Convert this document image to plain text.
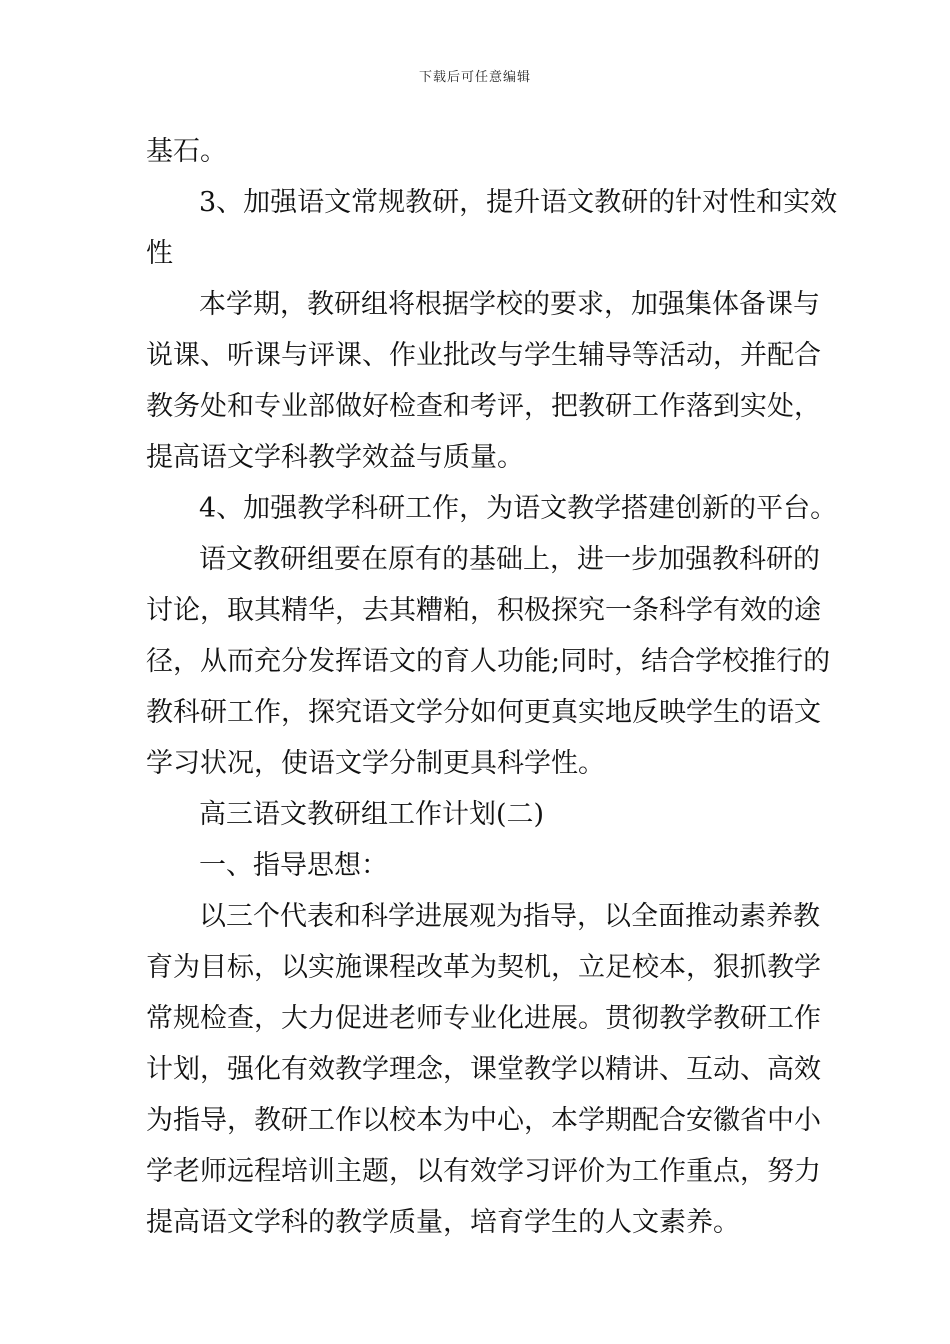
下载后可任意编辑
基石。
3、加强语文常规教研，提升语文教研的针对性和实效
性
本学期，教研组将根据学校的要求，加强集体备课与
说课、听课与评课、作业批改与学生辅导等活动，并配合
教务处和专业部做好检查和考评，把教研工作落到实处，
提高语文学科教学效益与质量。
4、加强教学科研工作，为语文教学搭建创新的平台。
语文教研组要在原有的基础上，进一步加强教科研的
讨论，取其精华，去其糟粕，积极探究一条科学有效的途
径，从而充分发挥语文的育人功能;同时，结合学校推行的
教科研工作，探究语文学分如何更真实地反映学生的语文
学习状况，使语文学分制更具科学性。
高三语文教研组工作计划(二)
一、指导思想：
以三个代表和科学进展观为指导，以全面推动素养教
育为目标，以实施课程改革为契机，立足校本，狠抓教学
常规检查，大力促进老师专业化进展。贯彻教学教研工作
计划，强化有效教学理念，课堂教学以精讲、互动、高效
为指导，教研工作以校本为中心，本学期配合安徽省中小
学老师远程培训主题，以有效学习评价为工作重点，努力
提高语文学科的教学质量，培育学生的人文素养。
